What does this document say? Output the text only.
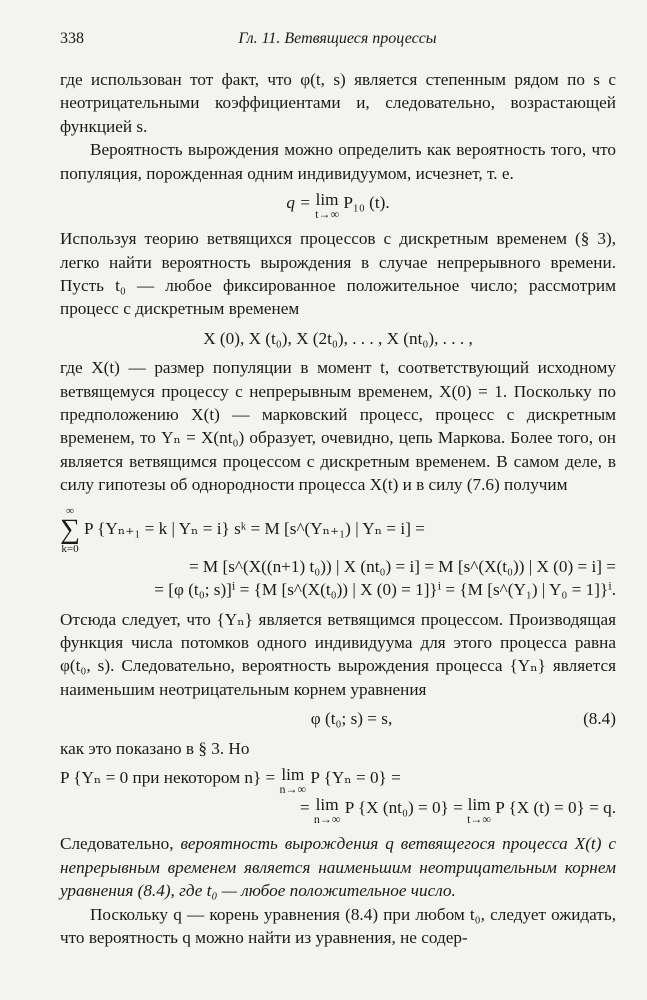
338	Гл. 11. Ветвящиеся процессы

где использован тот факт, что φ(t, s) является степенным рядом по s с неотрицательными коэффициентами и, следовательно, возрастающей функцией s.

Вероятность вырождения можно определить как вероятность того, что популяция, порожденная одним индивидуумом, исчезнет, т. е.

q = lim
t→∞
P₁₀ (t).

Используя теорию ветвящихся процессов с дискретным временем (§ 3), легко найти вероятность вырождения в случае непрерывного времени. Пусть t₀ — любое фиксированное положительное число; рассмотрим процесс с дискретным временем

X (0), X (t₀), X (2t₀), . . . , X (nt₀), . . . ,

где X(t) — размер популяции в момент t, соответствующий исходному ветвящемуся процессу с непрерывным временем, X(0) = 1. Поскольку по предположению X(t) — марковский процесс, процесс с дискретным временем, то Yₙ = X(nt₀) образует, очевидно, цепь Маркова. Более того, он является ветвящимся процессом с дискретным временем. В самом деле, в силу гипотезы об однородности процесса X(t) и в силу (7.6) получим

∞
∑
k=0
P {Yₙ₊₁ = k | Yₙ = i} sᵏ = M [s^(Yₙ₊₁) | Yₙ = i] =
= M [s^(X((n+1) t₀)) | X (nt₀) = i] = M [s^(X(t₀)) | X (0) = i] =
= [φ (t₀; s)]ⁱ = {M [s^(X(t₀)) | X (0) = 1]}ⁱ = {M [s^(Y₁) | Y₀ = 1]}ⁱ.

Отсюда следует, что {Yₙ} является ветвящимся процессом. Производящая функция числа потомков одного индивидуума для этого процесса равна φ(t₀, s). Следовательно, вероятность вырождения процесса {Yₙ} является наименьшим неотрицательным корнем уравнения

φ (t₀; s) = s,	(8.4)

как это показано в § 3. Но

P {Yₙ = 0 при некотором n} = lim
n→∞
P {Yₙ = 0} =
= lim
n→∞
P {X (nt₀) = 0} = lim
t→∞
P {X (t) = 0} = q.

Следовательно, вероятность вырождения q ветвящегося процесса X(t) с непрерывным временем является наименьшим неотрицательным корнем уравнения (8.4), где t₀ — любое положительное число.

Поскольку q — корень уравнения (8.4) при любом t₀, следует ожидать, что вероятность q можно найти из уравнения, не содер-
